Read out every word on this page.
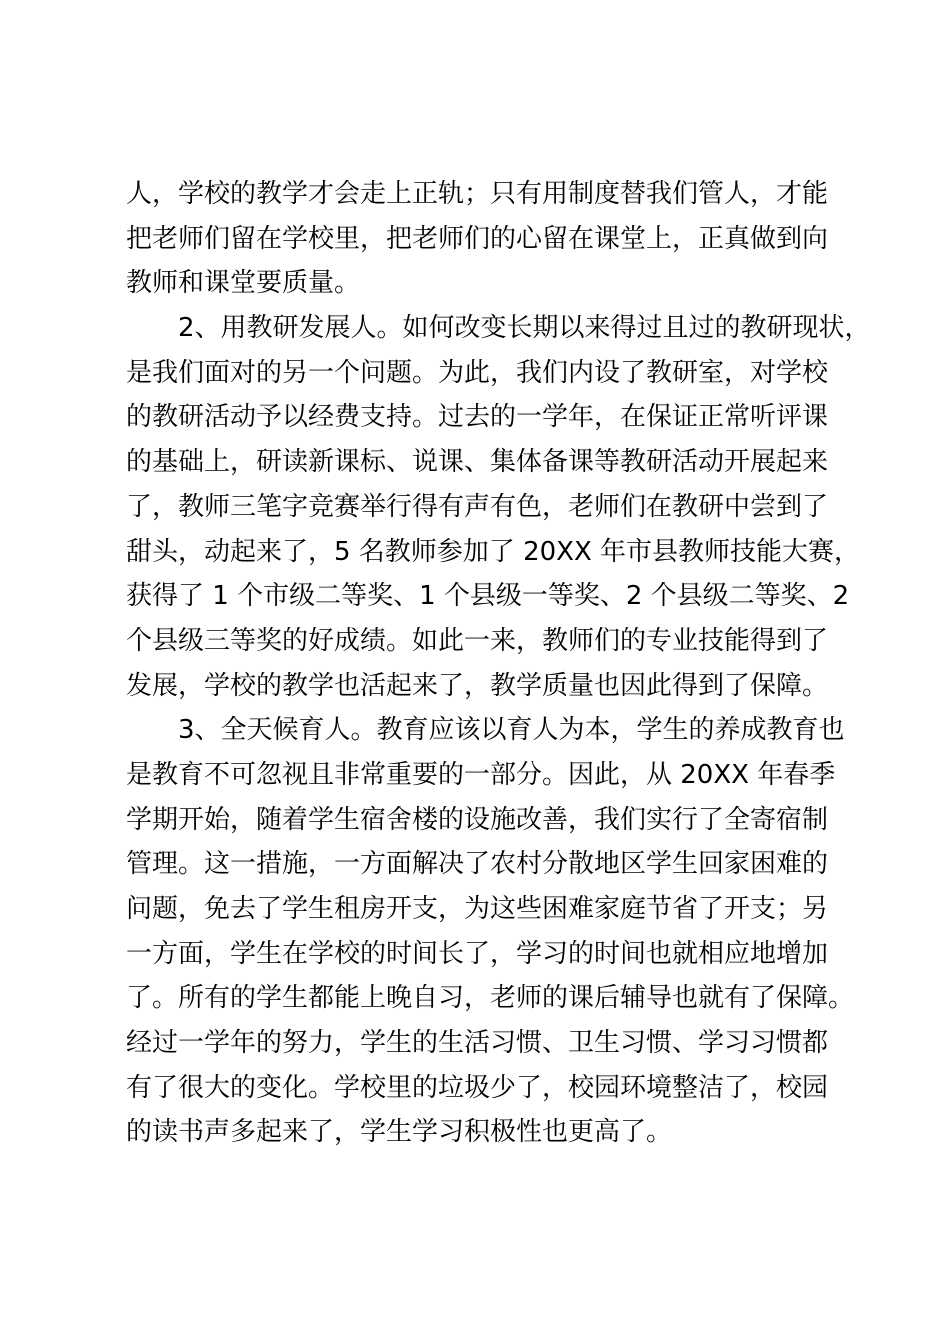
人，学校的教学才会走上正轨；只有用制度替我们管人，才能
把老师们留在学校里，把老师们的心留在课堂上，正真做到向
教师和课堂要质量。
2、用教研发展人。如何改变长期以来得过且过的教研现状，
是我们面对的另一个问题。为此，我们内设了教研室，对学校
的教研活动予以经费支持。过去的一学年，在保证正常听评课
的基础上，研读新课标、说课、集体备课等教研活动开展起来
了，教师三笔字竞赛举行得有声有色，老师们在教研中尝到了
甜头，动起来了，5 名教师参加了 20XX 年市县教师技能大赛，
获得了 1 个市级二等奖、1 个县级一等奖、2 个县级二等奖、2
个县级三等奖的好成绩。如此一来，教师们的专业技能得到了
发展，学校的教学也活起来了，教学质量也因此得到了保障。
3、全天候育人。教育应该以育人为本，学生的养成教育也
是教育不可忽视且非常重要的一部分。因此，从 20XX 年春季
学期开始，随着学生宿舍楼的设施改善，我们实行了全寄宿制
管理。这一措施，一方面解决了农村分散地区学生回家困难的
问题，免去了学生租房开支，为这些困难家庭节省了开支；另
一方面，学生在学校的时间长了，学习的时间也就相应地增加
了。所有的学生都能上晚自习，老师的课后辅导也就有了保障。
经过一学年的努力，学生的生活习惯、卫生习惯、学习习惯都
有了很大的变化。学校里的垃圾少了，校园环境整洁了，校园
的读书声多起来了，学生学习积极性也更高了。
